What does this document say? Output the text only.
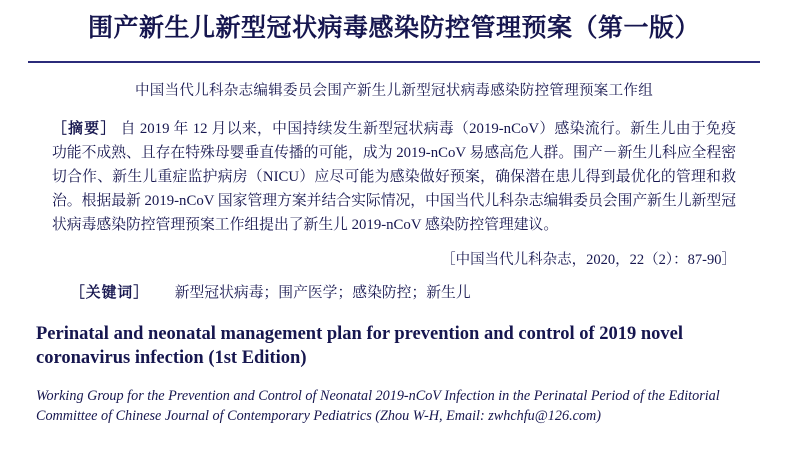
围产新生儿新型冠状病毒感染防控管理预案（第一版）
中国当代儿科杂志编辑委员会围产新生儿新型冠状病毒感染防控管理预案工作组
［摘要］ 自 2019 年 12 月以来，中国持续发生新型冠状病毒（2019-nCoV）感染流行。新生儿由于免疫功能不成熟、且存在特殊母婴垂直传播的可能，成为 2019-nCoV 易感高危人群。围产－新生儿科应全程密切合作、新生儿重症监护病房（NICU）应尽可能为感染做好预案，确保潜在患儿得到最优化的管理和救治。根据最新 2019-nCoV 国家管理方案并结合实际情况，中国当代儿科杂志编辑委员会围产新生儿新型冠状病毒感染防控管理预案工作组提出了新生儿 2019-nCoV 感染防控管理建议。
［中国当代儿科杂志，2020，22（2）：87-90］
［关键词］ 新型冠状病毒；围产医学；感染防控；新生儿
Perinatal and neonatal management plan for prevention and control of 2019 novel coronavirus infection (1st Edition)
Working Group for the Prevention and Control of Neonatal 2019-nCoV Infection in the Perinatal Period of the Editorial
Committee of Chinese Journal of Contemporary Pediatrics (Zhou W-H, Email: zwhchfu@126.com)
